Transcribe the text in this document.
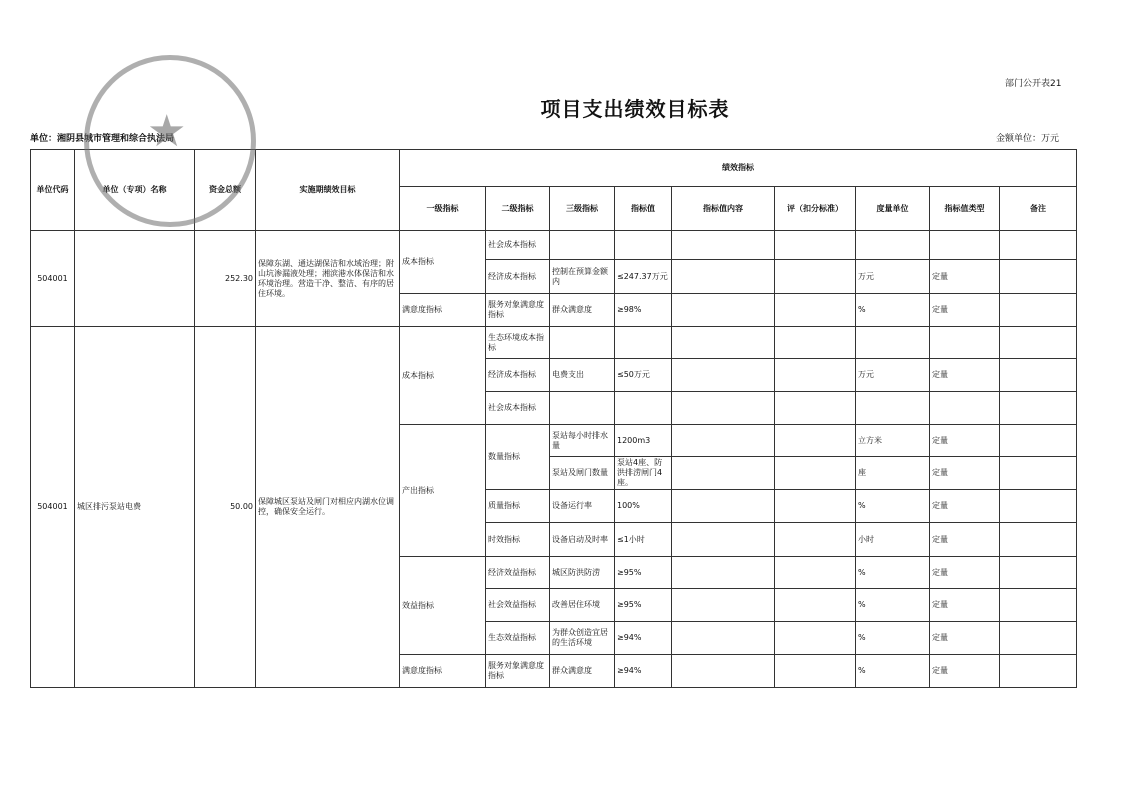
部门公开表21
项目支出绩效目标表
单位：湘阴县城市管理和综合执法局	金额单位：万元
单位代码	单位（专项）名称	资金总额	实施期绩效目标	绩效指标								
				一级指标	二级指标	三级指标	指标值	指标值内容	评（扣分标准）	度量单位	指标值类型	备注
504001		252.30	保障东湖、通达湖保洁和水域治理；附山坑渗漏液处理；湘滨港水体保洁和水环境治理。营造干净、整洁、有序的居住环境。	成本指标	社会成本指标							
					经济成本指标	控制在预算金额内	≤247.37万元			万元	定量	
				满意度指标	服务对象满意度指标	群众满意度	≥98%			%	定量	
504001	城区排污泵站电费	50.00	保障城区泵站及闸门对相应内湖水位调控，确保安全运行。	成本指标	生态环境成本指标							
					经济成本指标	电费支出	≤50万元			万元	定量	
					社会成本指标							
				产出指标	数量指标	泵站每小时排水量	1200m3			立方米	定量	
						泵站及闸门数量	泵站4座、防洪排涝闸门4座。			座	定量	
					质量指标	设备运行率	100%			%	定量	
					时效指标	设备启动及时率	≤1小时			小时	定量	
				效益指标	经济效益指标	城区防洪防涝	≥95%			%	定量	
					社会效益指标	改善居住环境	≥95%			%	定量	
					生态效益指标	为群众创造宜居的生活环境	≥94%			%	定量	
				满意度指标	服务对象满意度指标	群众满意度	≥94%			%	定量	
★
